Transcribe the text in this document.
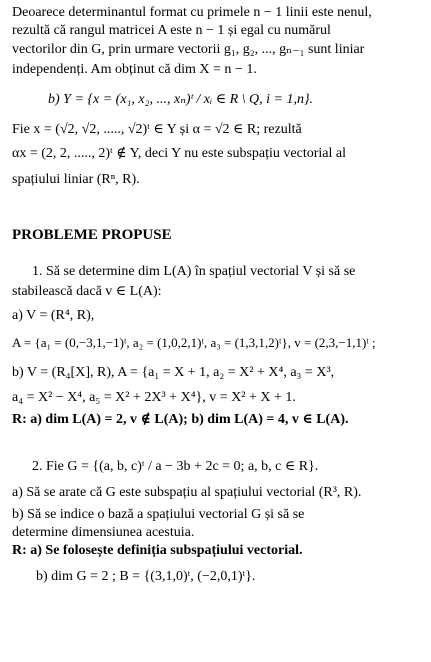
Deoarece determinantul format cu primele n − 1 linii este nenul,
rezultă că rangul matricei A este n − 1 și egal cu numărul
vectorilor din G, prin urmare vectorii g₁, g₂, ..., gₙ₋₁ sunt liniar
independenți. Am obținut că dim X = n − 1.
b) Y = {x = (x₁, x₂, ..., xₙ)ᵗ / xᵢ ∈ R \ Q, i = 1,n}.
Fie x = (√2, √2, ....., √2)ᵗ ∈ Y și α = √2 ∈ R; rezultă
αx = (2, 2, ....., 2)ᵗ ∉ Y, deci Y nu este subspațiu vectorial al
spațiului liniar (Rⁿ, R).
PROBLEME PROPUSE
1. Să se determine dim L(A) în spațiul vectorial V și să se
stabilească dacă v ∈ L(A):
a) V = (R⁴, R),
A = {a₁ = (0,−3,1,−1)ᵗ, a₂ = (1,0,2,1)ᵗ, a₃ = (1,3,1,2)ᵗ}, v = (2,3,−1,1)ᵗ ;
b) V = (R₄[X], R), A = {a₁ = X + 1, a₂ = X² + X⁴, a₃ = X³,
a₄ = X² − X⁴, a₅ = X² + 2X³ + X⁴}, v = X² + X + 1.
R: a) dim L(A) = 2, v ∉ L(A); b) dim L(A) = 4, v ∈ L(A).
2. Fie G = {(a, b, c)ᵗ / a − 3b + 2c = 0; a, b, c ∈ R}.
a) Să se arate că G este subspațiu al spațiului vectorial (R³, R).
b) Să se indice o bază a spațiului vectorial G și să se
determine dimensiunea acestuia.
R: a) Se folosește definiția subspațiului vectorial.
b) dim G = 2 ; B = {(3,1,0)ᵗ, (−2,0,1)ᵗ}.
